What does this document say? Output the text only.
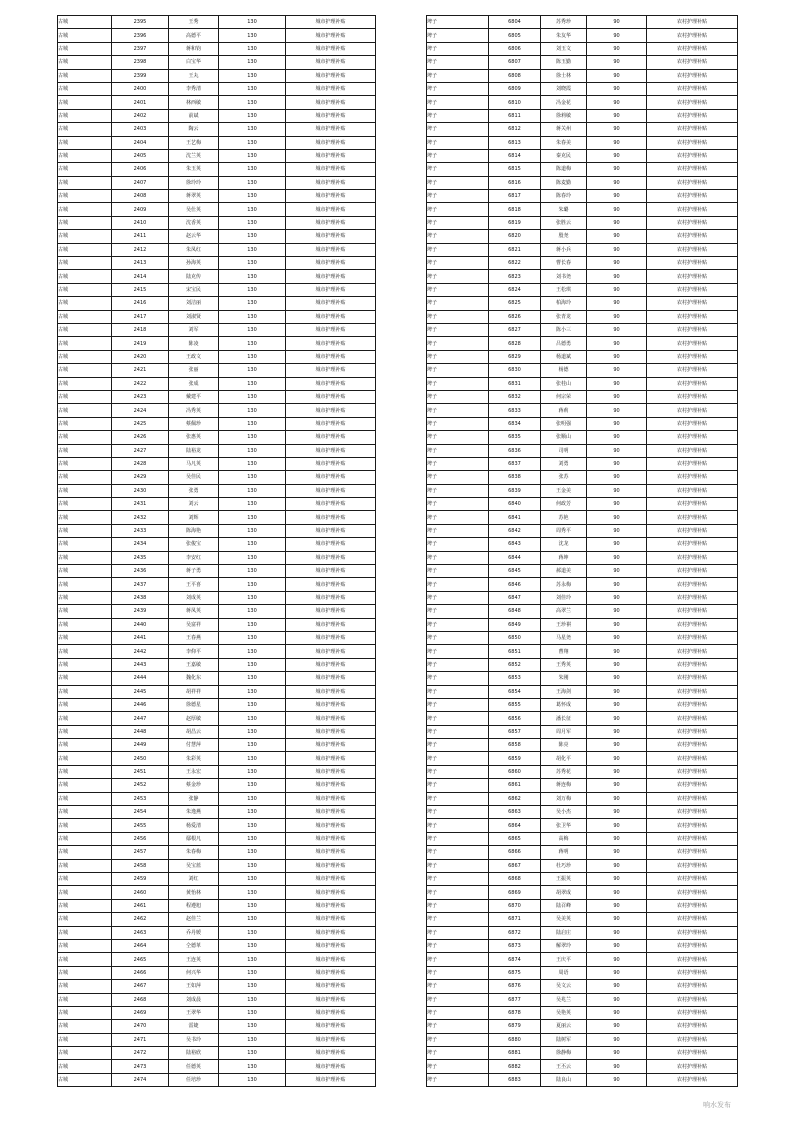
古城	2395	王秀	130	城市护理补贴
古城	2396	高德平	130	城市护理补贴
古城	2397	蒋和钧	130	城市护理补贴
古城	2398	白宝华	130	城市护理补贴
古城	2399	王丸	130	城市护理补贴
古城	2400	李秀清	130	城市护理补贴
古城	2401	林西敏	130	城市护理补贴
古城	2402	前斌	130	城市护理补贴
古城	2403	陶云	130	城市护理补贴
古城	2404	王艺梅	130	城市护理补贴
古城	2405	沈兰英	130	城市护理补贴
古城	2406	朱玉英	130	城市护理补贴
古城	2407	徐玲玲	130	城市护理补贴
古城	2408	蒋翠英	130	城市护理补贴
古城	2409	吴仕英	130	城市护理补贴
古城	2410	沈香英	130	城市护理补贴
古城	2411	赵云华	130	城市护理补贴
古城	2412	朱凤红	130	城市护理补贴
古城	2413	孙海英	130	城市护理补贴
古城	2414	陆克传	130	城市护理补贴
古城	2415	宋宝民	130	城市护理补贴
古城	2416	刘洁丽	130	城市护理补贴
古城	2417	刘淑贤	130	城市护理补贴
古城	2418	刘军	130	城市护理补贴
古城	2419	陈凌	130	城市护理补贴
古城	2420	王政文	130	城市护理补贴
古城	2421	张丽	130	城市护理补贴
古城	2422	张成	130	城市护理补贴
古城	2423	戴建平	130	城市护理补贴
古城	2424	冯秀英	130	城市护理补贴
古城	2425	蔡佩珍	130	城市护理补贴
古城	2426	张惠英	130	城市护理补贴
古城	2427	陆裕龙	130	城市护理补贴
古城	2428	马凡英	130	城市护理补贴
古城	2429	吴佳民	130	城市护理补贴
古城	2430	张勇	130	城市护理补贴
古城	2431	刘云	130	城市护理补贴
古城	2432	刘辉	130	城市护理补贴
古城	2433	陈海艳	130	城市护理补贴
古城	2434	张俊宝	130	城市护理补贴
古城	2435	李安红	130	城市护理补贴
古城	2436	蒋子勇	130	城市护理补贴
古城	2437	王平喜	130	城市护理补贴
古城	2438	刘成英	130	城市护理补贴
古城	2439	蒋凤英	130	城市护理补贴
古城	2440	吴富祥	130	城市护理补贴
古城	2441	王春燕	130	城市护理补贴
古城	2442	李仰平	130	城市护理补贴
古城	2443	王嘉敏	130	城市护理补贴
古城	2444	魏化东	130	城市护理补贴
古城	2445	胡祥祥	130	城市护理补贴
古城	2446	徐德星	130	城市护理补贴
古城	2447	赵厚敏	130	城市护理补贴
古城	2448	胡昌云	130	城市护理补贴
古城	2449	付慧萍	130	城市护理补贴
古城	2450	朱彩英	130	城市护理补贴
古城	2451	王永宏	130	城市护理补贴
古城	2452	蔡金珍	130	城市护理补贴
古城	2453	张静	130	城市护理补贴
古城	2454	朱逸燕	130	城市护理补贴
古城	2455	杨爱清	130	城市护理补贴
古城	2456	鄢根凡	130	城市护理补贴
古城	2457	朱春梅	130	城市护理补贴
古城	2458	吴宝蓝	130	城市护理补贴
古城	2459	刘红	130	城市护理补贴
古城	2460	黄怡林	130	城市护理补贴
古城	2461	程遵旭	130	城市护理补贴
古城	2462	赵佳兰	130	城市护理补贴
古城	2463	乔丹媛	130	城市护理补贴
古城	2464	仝德革	130	城市护理补贴
古城	2465	王连英	130	城市护理补贴
古城	2466	何兴华	130	城市护理补贴
古城	2467	王如萍	130	城市护理补贴
古城	2468	刘成晨	130	城市护理补贴
古城	2469	王翠华	130	城市护理补贴
古城	2470	雷婕	130	城市护理补贴
古城	2471	吴书玲	130	城市护理补贴
古城	2472	陆裕欣	130	城市护理补贴
古城	2473	任德英	130	城市护理补贴
古城	2474	任培珍	130	城市护理补贴
埤子	6804	苏秀珍	90	农村护理补贴
埤子	6805	朱友华	90	农村护理补贴
埤子	6806	刘玉文	90	农村护理补贴
埤子	6807	陈玉勤	90	农村护理补贴
埤子	6808	徐士林	90	农村护理补贴
埤子	6809	刘晓霞	90	农村护理补贴
埤子	6810	冯金花	90	农村护理补贴
埤子	6811	徐莉敏	90	农村护理补贴
埤子	6812	蒋关州	90	农村护理补贴
埤子	6813	朱春美	90	农村护理补贴
埤子	6814	秦克民	90	农村护理补贴
埤子	6815	陈道梅	90	农村护理补贴
埤子	6816	陈麦勤	90	农村护理补贴
埤子	6817	陈春玲	90	农村护理补贴
埤子	6818	朱璐	90	农村护理补贴
埤子	6819	张胜云	90	农村护理补贴
埤子	6820	殷尧	90	农村护理补贴
埤子	6821	蒋小兵	90	农村护理补贴
埤子	6822	曹长春	90	农村护理补贴
埤子	6823	刘书尧	90	农村护理补贴
埤子	6824	王松琪	90	农村护理补贴
埤子	6825	柏海玲	90	农村护理补贴
埤子	6826	张青龙	90	农村护理补贴
埤子	6827	陈小三	90	农村护理补贴
埤子	6828	吕德勇	90	农村护理补贴
埤子	6829	杨道斌	90	农村护理补贴
埤子	6830	杨德	90	农村护理补贴
埤子	6831	张桂山	90	农村护理补贴
埤子	6832	何宗荣	90	农村护理补贴
埤子	6833	蒋莉	90	农村护理补贴
埤子	6834	张明强	90	农村护理补贴
埤子	6835	张顺山	90	农村护理补贴
埤子	6836	司明	90	农村护理补贴
埤子	6837	刘勇	90	农村护理补贴
埤子	6838	张苏	90	农村护理补贴
埤子	6839	王金美	90	农村护理补贴
埤子	6840	何政芳	90	农村护理补贴
埤子	6841	苏艳	90	农村护理补贴
埤子	6842	周秀平	90	农村护理补贴
埤子	6843	沈龙	90	农村护理补贴
埤子	6844	蒋坤	90	农村护理补贴
埤子	6845	郝道美	90	农村护理补贴
埤子	6846	苏永梅	90	农村护理补贴
埤子	6847	刘佳玲	90	农村护理补贴
埤子	6848	高翠兰	90	农村护理补贴
埤子	6849	王珍祺	90	农村护理补贴
埤子	6850	马星尧	90	农村护理补贴
埤子	6851	曹翔	90	农村护理补贴
埤子	6852	王秀英	90	农村护理补贴
埤子	6853	朱刚	90	农村护理补贴
埤子	6854	王海剑	90	农村护理补贴
埤子	6855	葛怀成	90	农村护理补贴
埤子	6856	潘长征	90	农村护理补贴
埤子	6857	周月军	90	农村护理补贴
埤子	6858	陈亮	90	农村护理补贴
埤子	6859	胡化平	90	农村护理补贴
埤子	6860	苏秀花	90	农村护理补贴
埤子	6861	蒋连梅	90	农村护理补贴
埤子	6862	刘万梅	90	农村护理补贴
埤子	6863	吴小杰	90	农村护理补贴
埤子	6864	张卫华	90	农村护理补贴
埤子	6865	高梅	90	农村护理补贴
埤子	6866	蒋明	90	农村护理补贴
埤子	6867	杜巧珍	90	农村护理补贴
埤子	6868	王振英	90	农村护理补贴
埤子	6869	胡翠成	90	农村护理补贴
埤子	6870	陆召峰	90	农村护理补贴
埤子	6871	吴美英	90	农村护理补贴
埤子	6872	陆启庄	90	农村护理补贴
埤子	6873	解翠玲	90	农村护理补贴
埤子	6874	王庆平	90	农村护理补贴
埤子	6875	周语	90	农村护理补贴
埤子	6876	吴文云	90	农村护理补贴
埤子	6877	吴兆兰	90	农村护理补贴
埤子	6878	吴艳英	90	农村护理补贴
埤子	6879	夏丽云	90	农村护理补贴
埤子	6880	陆树军	90	农村护理补贴
埤子	6881	徐静梅	90	农村护理补贴
埤子	6882	王丕云	90	农村护理补贴
埤子	6883	陆良山	90	农村护理补贴
响水发布
